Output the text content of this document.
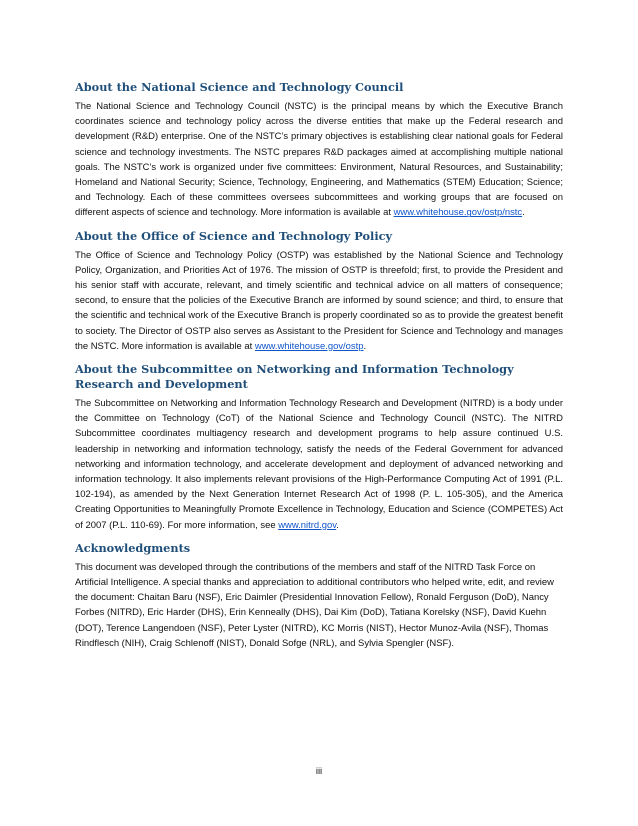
About the National Science and Technology Council

The National Science and Technology Council (NSTC) is the principal means by which the Executive Branch coordinates science and technology policy across the diverse entities that make up the Federal research and development (R&D) enterprise. One of the NSTC’s primary objectives is establishing clear national goals for Federal science and technology investments. The NSTC prepares R&D packages aimed at accomplishing multiple national goals. The NSTC’s work is organized under five committees: Environment, Natural Resources, and Sustainability; Homeland and National Security; Science, Technology, Engineering, and Mathematics (STEM) Education; Science; and Technology. Each of these committees oversees subcommittees and working groups that are focused on different aspects of science and technology. More information is available at www.whitehouse.gov/ostp/nstc.

About the Office of Science and Technology Policy

The Office of Science and Technology Policy (OSTP) was established by the National Science and Technology Policy, Organization, and Priorities Act of 1976. The mission of OSTP is threefold; first, to provide the President and his senior staff with accurate, relevant, and timely scientific and technical advice on all matters of consequence; second, to ensure that the policies of the Executive Branch are informed by sound science; and third, to ensure that the scientific and technical work of the Executive Branch is properly coordinated so as to provide the greatest benefit to society. The Director of OSTP also serves as Assistant to the President for Science and Technology and manages the NSTC. More information is available at www.whitehouse.gov/ostp.

About the Subcommittee on Networking and Information Technology Research and Development

The Subcommittee on Networking and Information Technology Research and Development (NITRD) is a body under the Committee on Technology (CoT) of the National Science and Technology Council (NSTC). The NITRD Subcommittee coordinates multiagency research and development programs to help assure continued U.S. leadership in networking and information technology, satisfy the needs of the Federal Government for advanced networking and information technology, and accelerate development and deployment of advanced networking and information technology. It also implements relevant provisions of the High-Performance Computing Act of 1991 (P.L. 102-194), as amended by the Next Generation Internet Research Act of 1998 (P. L. 105-305), and the America Creating Opportunities to Meaningfully Promote Excellence in Technology, Education and Science (COMPETES) Act of 2007 (P.L. 110-69). For more information, see www.nitrd.gov.

Acknowledgments

This document was developed through the contributions of the members and staff of the NITRD Task Force on Artificial Intelligence. A special thanks and appreciation to additional contributors who helped write, edit, and review the document: Chaitan Baru (NSF), Eric Daimler (Presidential Innovation Fellow), Ronald Ferguson (DoD), Nancy Forbes (NITRD), Eric Harder (DHS), Erin Kenneally (DHS), Dai Kim (DoD), Tatiana Korelsky (NSF), David Kuehn (DOT), Terence Langendoen (NSF), Peter Lyster (NITRD), KC Morris (NIST), Hector Munoz-Avila (NSF), Thomas Rindflesch (NIH), Craig Schlenoff (NIST), Donald Sofge (NRL), and Sylvia Spengler (NSF).

iii
